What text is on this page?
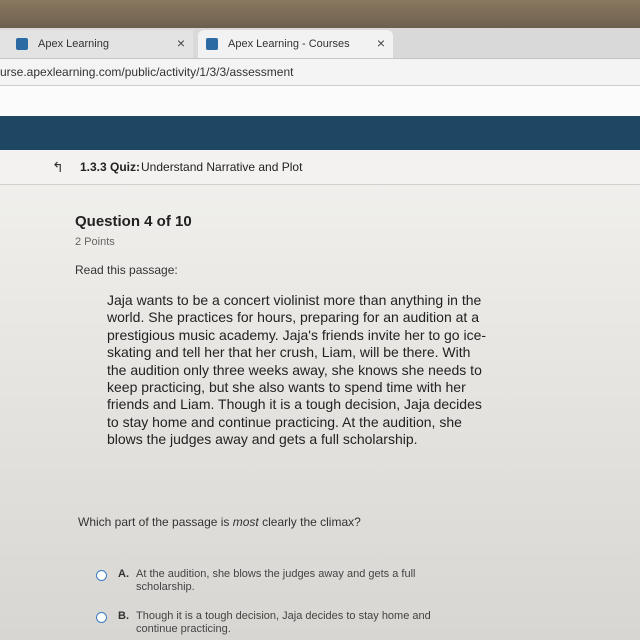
Apex Learning	×	Apex Learning - Courses ×
urse.apexlearning.com/public/activity/1/3/3/assessment
↰ 1.3.3 Quiz: Understand Narrative and Plot
Question 4 of 10
2 Points
Read this passage:

Jaja wants to be a concert violinist more than anything in the world. She practices for hours, preparing for an audition at a prestigious music academy. Jaja's friends invite her to go ice-skating and tell her that her crush, Liam, will be there. With the audition only three weeks away, she knows she needs to keep practicing, but she also wants to spend time with her friends and Liam. Though it is a tough decision, Jaja decides to stay home and continue practicing. At the audition, she blows the judges away and gets a full scholarship.

Which part of the passage is most clearly the climax?
A. At the audition, she blows the judges away and gets a full scholarship.
B. Though it is a tough decision, Jaja decides to stay home and continue practicing.
